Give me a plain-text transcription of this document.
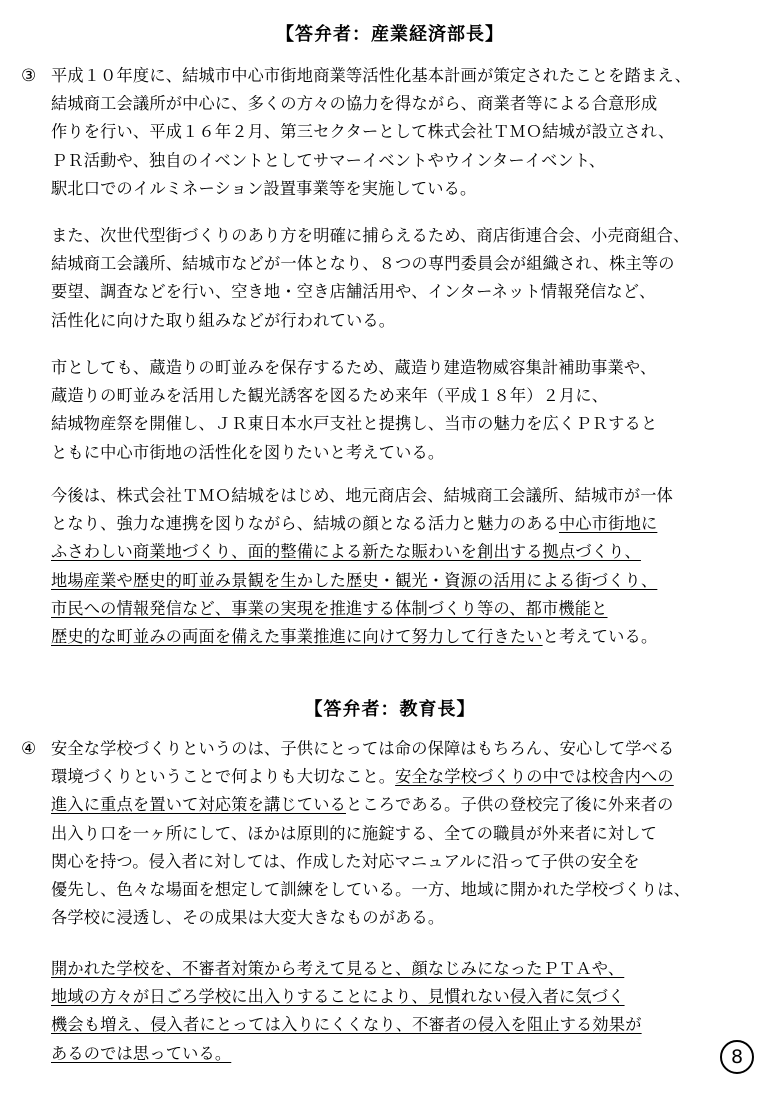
【答弁者：産業経済部長】
③ 平成１０年度に、結城市中心市街地商業等活性化基本計画が策定されたことを踏まえ、
結城商工会議所が中心に、多くの方々の協力を得ながら、商業者等による合意形成
作りを行い、平成１６年２月、第三セクターとして株式会社ＴＭＯ結城が設立され、
ＰＲ活動や、独自のイベントとしてサマーイベントやウインターイベント、
駅北口でのイルミネーション設置事業等を実施している。
また、次世代型街づくりのあり方を明確に捕らえるため、商店街連合会、小売商組合、
結城商工会議所、結城市などが一体となり、８つの専門委員会が組織され、株主等の
要望、調査などを行い、空き地・空き店舗活用や、インターネット情報発信など、
活性化に向けた取り組みなどが行われている。
市としても、蔵造りの町並みを保存するため、蔵造り建造物威容集計補助事業や、
蔵造りの町並みを活用した観光誘客を図るため来年（平成１８年）２月に、
結城物産祭を開催し、ＪＲ東日本水戸支社と提携し、当市の魅力を広くＰＲすると
ともに中心市街地の活性化を図りたいと考えている。
今後は、株式会社ＴＭＯ結城をはじめ、地元商店会、結城商工会議所、結城市が一体
となり、強力な連携を図りながら、結城の顔となる活力と魅力のある中心市街地に
ふさわしい商業地づくり、面的整備による新たな賑わいを創出する拠点づくり、
地場産業や歴史的町並み景観を生かした歴史・観光・資源の活用による街づくり、
市民への情報発信など、事業の実現を推進する体制づくり等の、都市機能と
歴史的な町並みの両面を備えた事業推進に向けて努力して行きたいと考えている。
【答弁者：教育長】
④ 安全な学校づくりというのは、子供にとっては命の保障はもちろん、安心して学べる
環境づくりということで何よりも大切なこと。安全な学校づくりの中では校舎内への
進入に重点を置いて対応策を講じているところである。子供の登校完了後に外来者の
出入り口を一ヶ所にして、ほかは原則的に施錠する、全ての職員が外来者に対して
関心を持つ。侵入者に対しては、作成した対応マニュアルに沿って子供の安全を
優先し、色々な場面を想定して訓練をしている。一方、地域に開かれた学校づくりは、
各学校に浸透し、その成果は大変大きなものがある。
開かれた学校を、不審者対策から考えて見ると、顔なじみになったＰＴＡや、
地域の方々が日ごろ学校に出入りすることにより、見慣れない侵入者に気づく
機会も増え、侵入者にとっては入りにくくなり、不審者の侵入を阻止する効果が
あるのでは思っている。	8
